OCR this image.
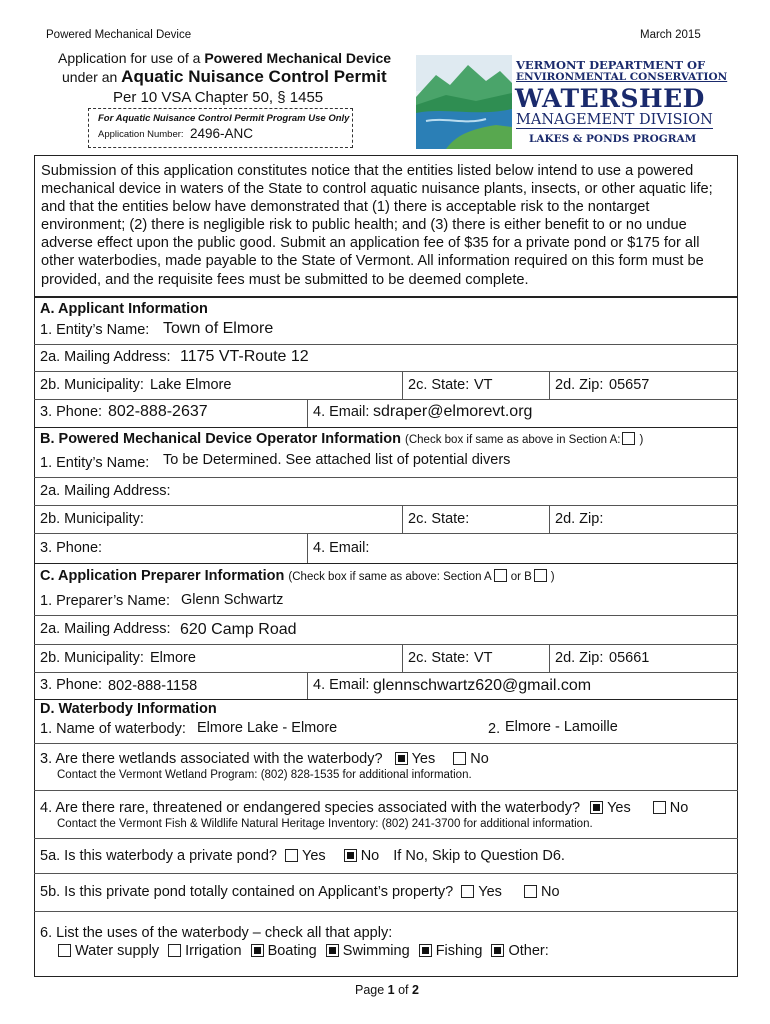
Powered Mechanical Device	March 2015
Application for use of a Powered Mechanical Device
under an Aquatic Nuisance Control Permit
Per 10 VSA Chapter 50, § 1455
For Aquatic Nuisance Control Permit Program Use Only
Application Number: 2496-ANC
VERMONT DEPARTMENT OF
ENVIRONMENTAL CONSERVATION
WATERSHED
MANAGEMENT DIVISION
LAKES & PONDS PROGRAM
Submission of this application constitutes notice that the entities listed below intend to use a powered mechanical device in waters of the State to control aquatic nuisance plants, insects, or other aquatic life; and that the entities below have demonstrated that (1) there is acceptable risk to the nontarget environment; (2) there is negligible risk to public health; and (3) there is either benefit to or no undue adverse effect upon the public good. Submit an application fee of $35 for a private pond or $175 for all other waterbodies, made payable to the State of Vermont. All information required on this form must be provided, and the requisite fees must be submitted to be deemed complete.
A. Applicant Information
1. Entity’s Name: Town of Elmore
2a. Mailing Address: 1175 VT-Route 12
2b. Municipality: Lake Elmore	2c. State: VT	2d. Zip: 05657
3. Phone: 802-888-2637	4. Email: sdraper@elmorevt.org
B. Powered Mechanical Device Operator Information (Check box if same as above in Section A: )
1. Entity’s Name: To be Determined. See attached list of potential divers
2a. Mailing Address:
2b. Municipality:	2c. State:	2d. Zip:
3. Phone:	4. Email:
C. Application Preparer Information (Check box if same as above: Section A or B )
1. Preparer’s Name: Glenn Schwartz
2a. Mailing Address: 620 Camp Road
2b. Municipality: Elmore	2c. State: VT	2d. Zip: 05661
3. Phone: 802-888-1158	4. Email: glennschwartz620@gmail.com
D. Waterbody Information
1. Name of waterbody: Elmore Lake - Elmore	2. Elmore - Lamoille
3. Are there wetlands associated with the waterbody? Yes No
Contact the Vermont Wetland Program: (802) 828-1535 for additional information.
4. Are there rare, threatened or endangered species associated with the waterbody? Yes	No
Contact the Vermont Fish & Wildlife Natural Heritage Inventory: (802) 241-3700 for additional information.
5a. Is this waterbody a private pond? Yes No If No, Skip to Question D6.
5b. Is this private pond totally contained on Applicant’s property? Yes	No
6. List the uses of the waterbody – check all that apply:
Water supply Irrigation Boating Swimming Fishing Other:
Page 1 of 2
